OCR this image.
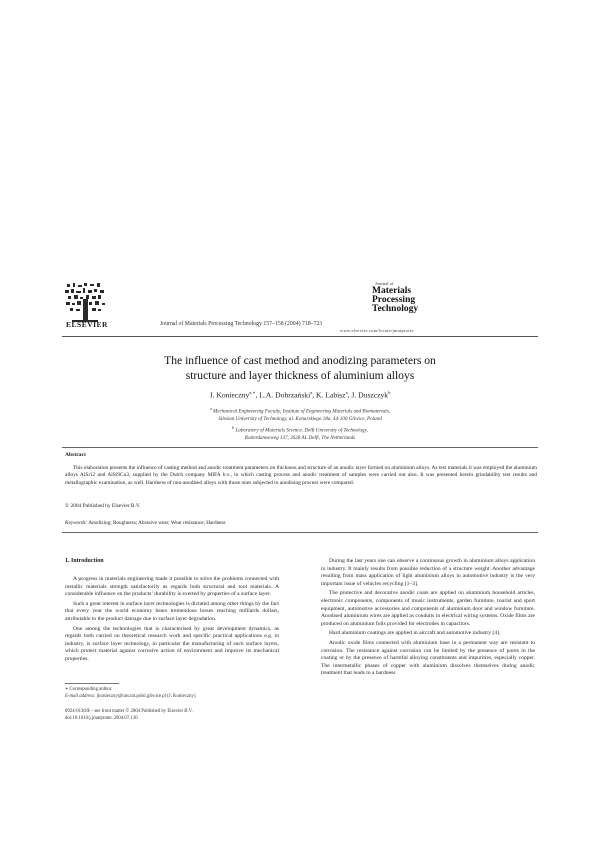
ELSEVIER	Journal of Materials Processing Technology 157–158 (2004) 718–723
Journal of
Materials
Processing
Technology
www.elsevier.com/locate/jmatprotec
The influence of cast method and anodizing parameters on
structure and layer thickness of aluminium alloys
J. Konieczny$^{a,∗}$, L.A. Dobrzański$^a$, K. Labisz$^a$, J. Duszczyk$^b$
$^a$ Mechanical Engineering Faculty, Institute of Engineering Materials and Biomaterials,
Silesian University of Technology, ul. Konarskiego 18a, 44-100 Gliwice, Poland
$^b$ Laboratory of Materials Science, Delft University of Technology,
Rotterdamseweg 137, 2628 AL Delft, The Netherlands
Abstract

This elaboration presents the influence of casting method and anodic treatment parameters on thickness and structure of an anodic layer formed on aluminium alloys. As test materials it was employed the aluminium alloys AlSi12 and AlSi9Cu3, supplied by the Dutch company MIFA b.v., in which casting process and anodic treatment of samples were carried out also. It was presented herein grindability test results and metallographic examination, as well. Hardness of non-anodised alloys with those ones subjected to anodising process were compared.

© 2004 Published by Elsevier B.V.
Keywords: Anodizing; Roughness; Abrasive wear; Wear resistance; Hardness
1. Introduction

A progress in materials engineering made it possible to solve the problems connected with metallic materials strength satisfactorily as regards both structural and tool materials. A considerable influence on the products’ durability is exerted by properties of a surface layer.

Such a great interest in surface layer technologies is dictated among other things by the fact that every year the world economy bears tremendous losses reaching milliards dollars, attributable to the product damage due to surface layer degradation.

One among the technologies that is characterised by great development dynamics, as regards both carried on theoretical research work and specific practical applications e.g. in industry, is surface layer technology, in particular the manufacturing of such surface layers, which protect material against corrosive action of environment and improve its mechanical properties.

During the last years one can observe a continuous growth in aluminium alloys application in industry. It mainly results from possible reduction of a structure weight. Another advantage resulting from mass application of light aluminium alloys in automotive industry is the very important issue of vehicles recycling [1–3].

The protective and decorative anodic coats are applied on aluminium household articles, electronic components, components of music instruments, garden furniture, tourist and sport equipment, automotive accessories and components of aluminium door and window furniture. Anodised aluminium wires are applied as conduits in electrical wiring systems. Oxide films are produced on aluminium foils provided for electrodes in capacitors.

Hard aluminium coatings are applied in aircraft and automotive industry [4].

Anodic oxide films connected with aluminium base in a permanent way are resistant to corrosion. The resistance against corrosion can be limited by the presence of pores in the coating or by the presence of harmful alloying constituents and impurities, especially copper. The intermetallic phases of copper with aluminium dissolves themselves during anodic treatment that leads to a hardness

∗ Corresponding author.
E-mail address: jkonieczny@uns.mt.polsl.gliwice.pl (J. Konieczny).
0924-0136/$ – see front matter © 2004 Published by Elsevier B.V.
doi:10.1016/j.jmatprotec.2004.07.130
